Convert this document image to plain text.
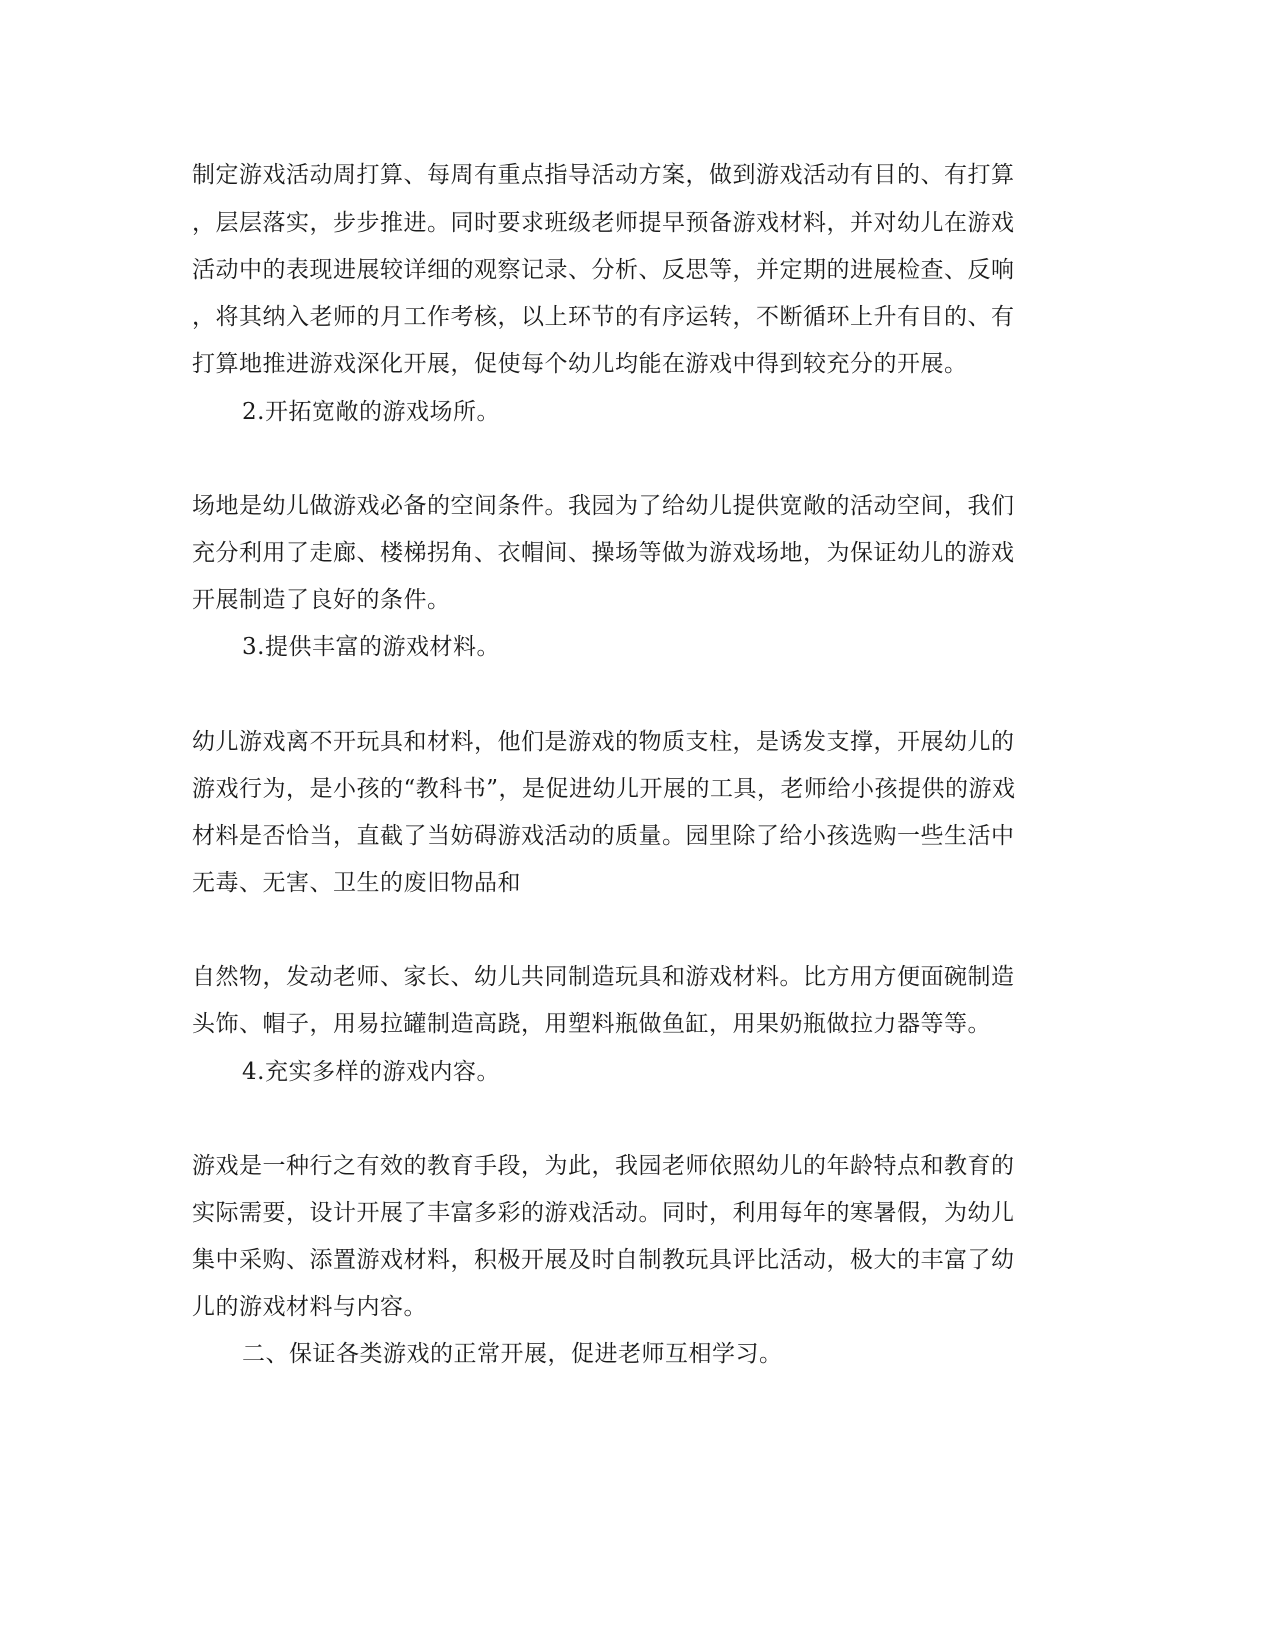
制定游戏活动周打算、每周有重点指导活动方案，做到游戏活动有目的、有打算
，层层落实，步步推进。同时要求班级老师提早预备游戏材料，并对幼儿在游戏
活动中的表现进展较详细的观察记录、分析、反思等，并定期的进展检查、反响
，将其纳入老师的月工作考核，以上环节的有序运转，不断循环上升有目的、有
打算地推进游戏深化开展，促使每个幼儿均能在游戏中得到较充分的开展。
2.开拓宽敞的游戏场所。
场地是幼儿做游戏必备的空间条件。我园为了给幼儿提供宽敞的活动空间，我们
充分利用了走廊、楼梯拐角、衣帽间、操场等做为游戏场地，为保证幼儿的游戏
开展制造了良好的条件。
3.提供丰富的游戏材料。
幼儿游戏离不开玩具和材料，他们是游戏的物质支柱，是诱发支撑，开展幼儿的
游戏行为，是小孩的“教科书”，是促进幼儿开展的工具，老师给小孩提供的游戏
材料是否恰当，直截了当妨碍游戏活动的质量。园里除了给小孩选购一些生活中
无毒、无害、卫生的废旧物品和
自然物，发动老师、家长、幼儿共同制造玩具和游戏材料。比方用方便面碗制造
头饰、帽子，用易拉罐制造高跷，用塑料瓶做鱼缸，用果奶瓶做拉力器等等。
4.充实多样的游戏内容。
游戏是一种行之有效的教育手段，为此，我园老师依照幼儿的年龄特点和教育的
实际需要，设计开展了丰富多彩的游戏活动。同时，利用每年的寒暑假，为幼儿
集中采购、添置游戏材料，积极开展及时自制教玩具评比活动，极大的丰富了幼
儿的游戏材料与内容。
二、保证各类游戏的正常开展，促进老师互相学习。
